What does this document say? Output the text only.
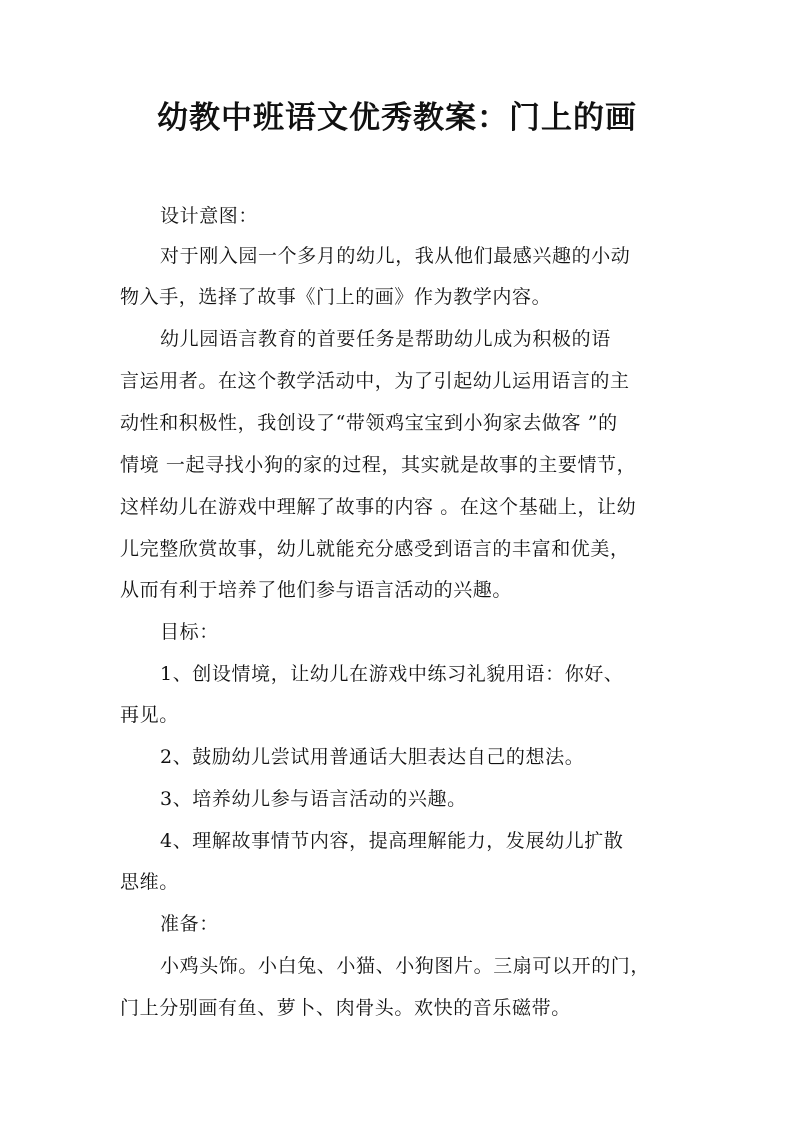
幼教中班语文优秀教案：门上的画
设计意图：
对于刚入园一个多月的幼儿，我从他们最感兴趣的小动
物入手，选择了故事《门上的画》作为教学内容。
幼儿园语言教育的首要任务是帮助幼儿成为积极的语
言运用者。在这个教学活动中，为了引起幼儿运用语言的主
动性和积极性，我创设了“带领鸡宝宝到小狗家去做客 ”的
情境 一起寻找小狗的家的过程，其实就是故事的主要情节，
这样幼儿在游戏中理解了故事的内容 。在这个基础上，让幼
儿完整欣赏故事，幼儿就能充分感受到语言的丰富和优美，
从而有利于培养了他们参与语言活动的兴趣。
目标：
1、创设情境，让幼儿在游戏中练习礼貌用语：你好、
再见。
2、鼓励幼儿尝试用普通话大胆表达自己的想法。
3、培养幼儿参与语言活动的兴趣。
4、理解故事情节内容，提高理解能力，发展幼儿扩散
思维。
准备：
小鸡头饰。小白兔、小猫、小狗图片。三扇可以开的门，
门上分别画有鱼、萝卜、肉骨头。欢快的音乐磁带。
